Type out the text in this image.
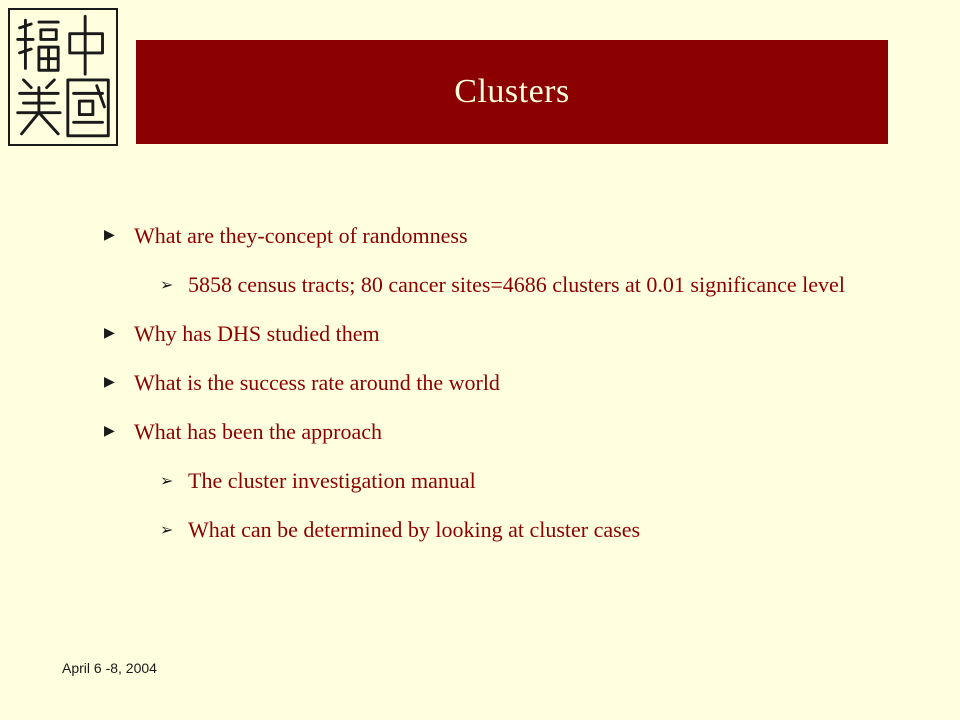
Clusters
▶ What are they-concept of randomness
➢ 5858 census tracts; 80 cancer sites=4686 clusters at 0.01 significance level
▶ Why has DHS studied them
▶ What is the success rate around the world
▶ What has been the approach
➢ The cluster investigation manual
➢ What can be determined by looking at cluster cases
April 6 -8, 2004
